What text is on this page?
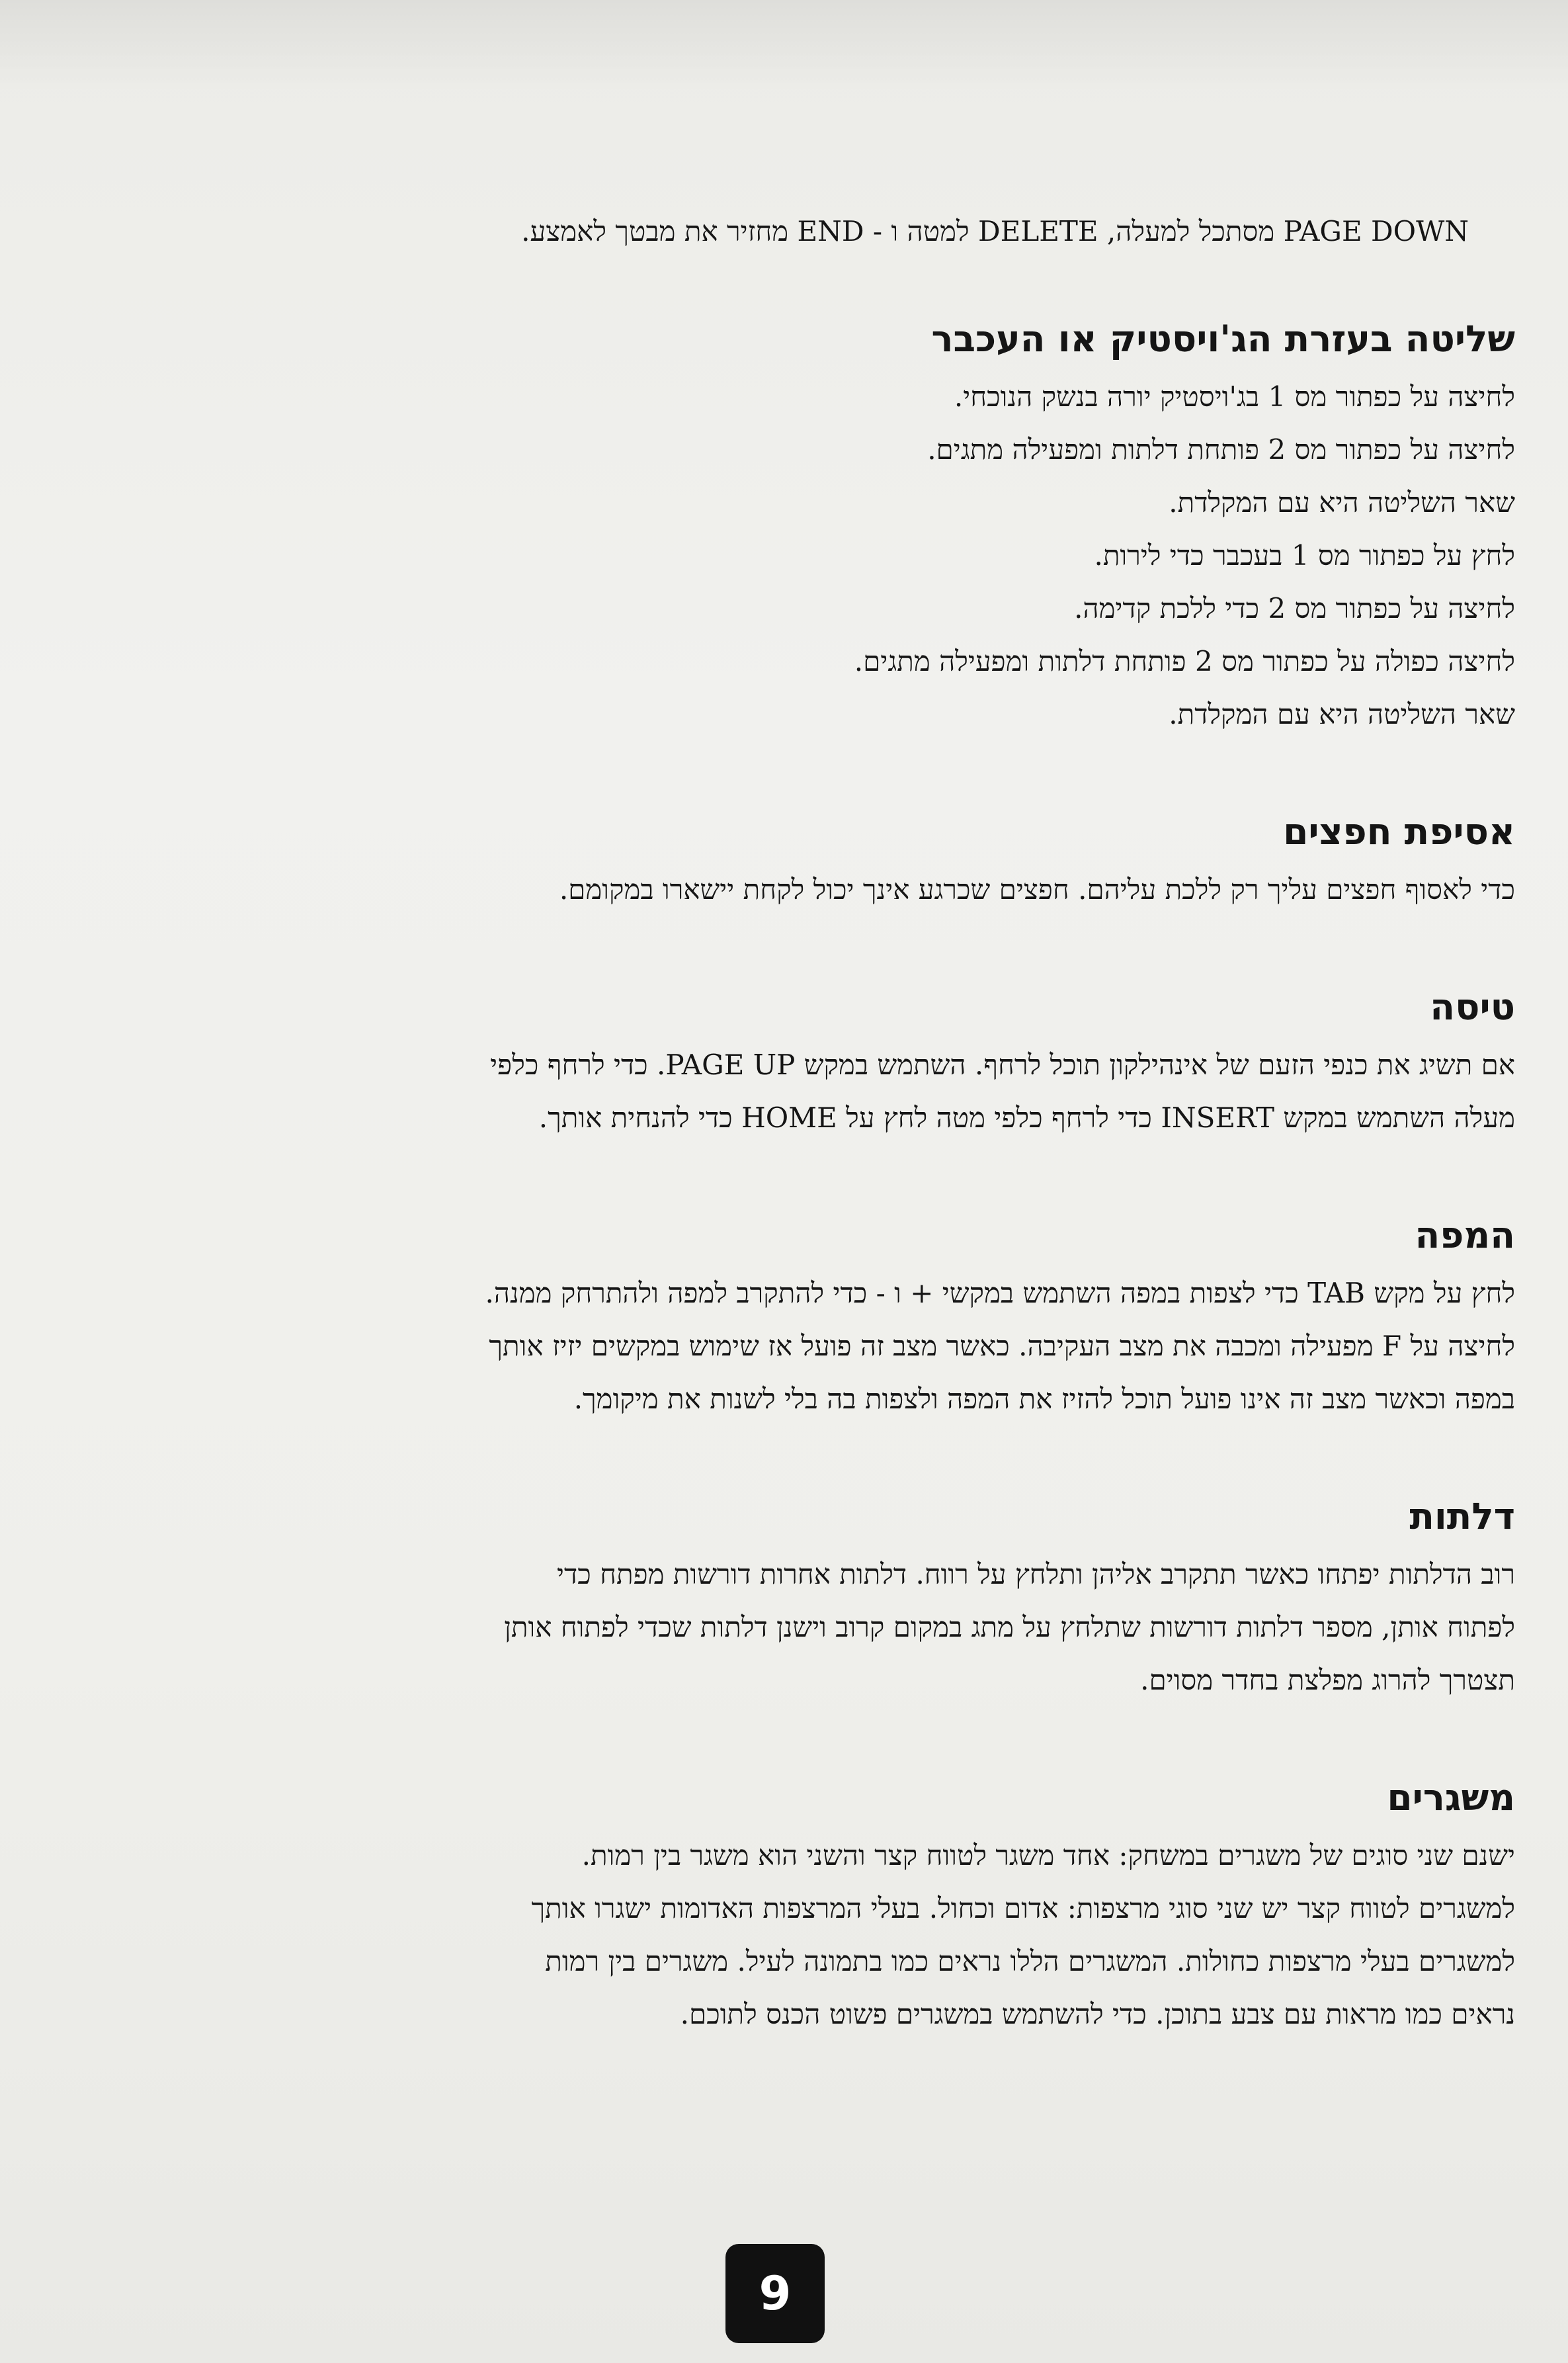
PAGE DOWN מסתכל למעלה, DELETE למטה ו - END מחזיר את מבטך לאמצע.

שליטה בעזרת הג'ויסטיק או העכבר

לחיצה על כפתור מס 1 בג'ויסטיק יורה בנשק הנוכחי.

לחיצה על כפתור מס 2 פותחת דלתות ומפעילה מתגים.

שאר השליטה היא עם המקלדת.

לחץ על כפתור מס 1 בעכבר כדי לירות.

לחיצה על כפתור מס 2 כדי ללכת קדימה.

לחיצה כפולה על כפתור מס 2 פותחת דלתות ומפעילה מתגים.

שאר השליטה היא עם המקלדת.

אסיפת חפצים

כדי לאסוף חפצים עליך רק ללכת עליהם. חפצים שכרגע אינך יכול לקחת יישארו במקומם.

טיסה

אם תשיג את כנפי הזעם של אינהילקון תוכל לרחף. השתמש במקש PAGE UP. כדי לרחף כלפי

מעלה השתמש במקש INSERT כדי לרחף כלפי מטה לחץ על HOME כדי להנחית אותך.

המפה

לחץ על מקש TAB כדי לצפות במפה השתמש במקשי + ו - כדי להתקרב למפה ולהתרחק ממנה.

לחיצה על F מפעילה ומכבה את מצב העקיבה. כאשר מצב זה פועל אז שימוש במקשים יזיז אותך

במפה וכאשר מצב זה אינו פועל תוכל להזיז את המפה ולצפות בה בלי לשנות את מיקומך.

דלתות

רוב הדלתות יפתחו כאשר תתקרב אליהן ותלחץ על רווח. דלתות אחרות דורשות מפתח כדי

לפתוח אותן, מספר דלתות דורשות שתלחץ על מתג במקום קרוב וישנן דלתות שכדי לפתוח אותן

תצטרך להרוג מפלצת בחדר מסוים.

משגרים

ישנם שני סוגים של משגרים במשחק: אחד משגר לטווח קצר והשני הוא משגר בין רמות.

למשגרים לטווח קצר יש שני סוגי מרצפות: אדום וכחול. בעלי המרצפות האדומות ישגרו אותך

למשגרים בעלי מרצפות כחולות. המשגרים הללו נראים כמו בתמונה לעיל. משגרים בין רמות

נראים כמו מראות עם צבע בתוכן. כדי להשתמש במשגרים פשוט הכנס לתוכם.

9
